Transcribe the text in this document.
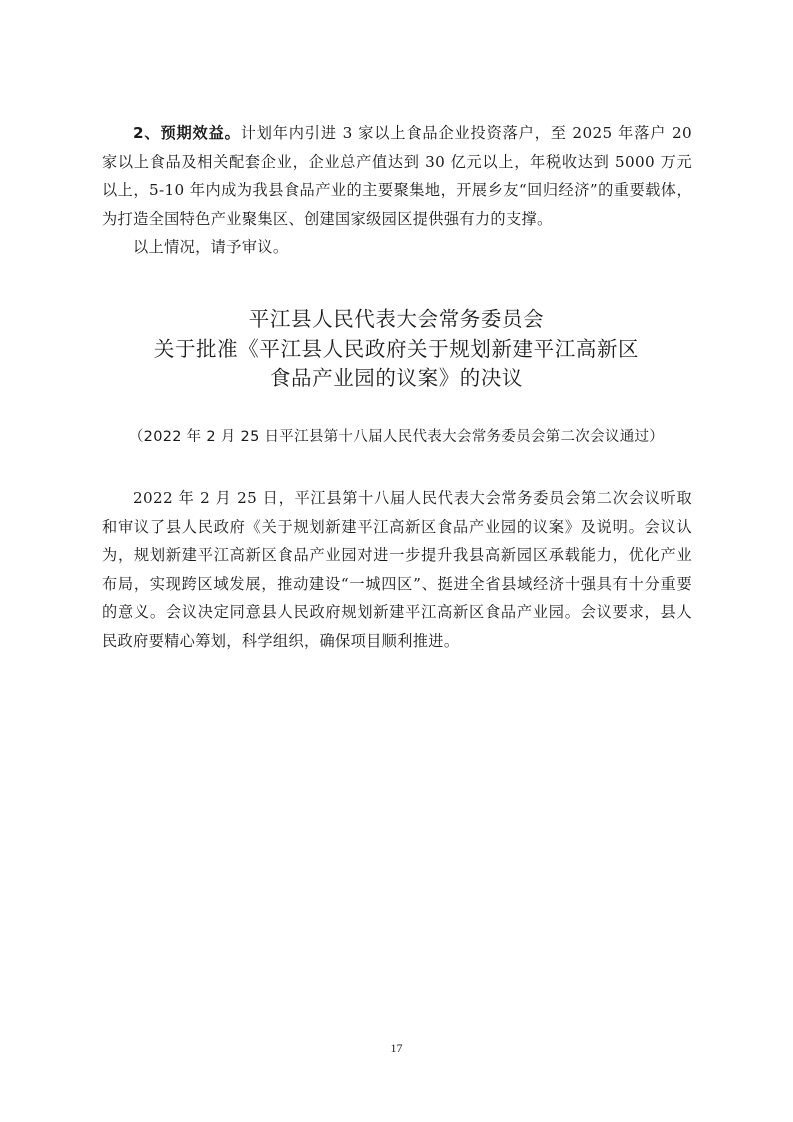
2、预期效益。计划年内引进 3 家以上食品企业投资落户，至 2025 年落户 20 家以上食品及相关配套企业，企业总产值达到 30 亿元以上，年税收达到 5000 万元以上，5-10 年内成为我县食品产业的主要聚集地，开展乡友“回归经济”的重要载体，为打造全国特色产业聚集区、创建国家级园区提供强有力的支撑。

以上情况，请予审议。

平江县人民代表大会常务委员会
关于批准《平江县人民政府关于规划新建平江高新区
食品产业园的议案》的决议
（2022 年 2 月 25 日平江县第十八届人民代表大会常务委员会第二次会议通过）

2022 年 2 月 25 日，平江县第十八届人民代表大会常务委员会第二次会议听取和审议了县人民政府《关于规划新建平江高新区食品产业园的议案》及说明。会议认为，规划新建平江高新区食品产业园对进一步提升我县高新园区承载能力，优化产业布局，实现跨区域发展，推动建设“一城四区”、挺进全省县域经济十强具有十分重要的意义。会议决定同意县人民政府规划新建平江高新区食品产业园。会议要求，县人民政府要精心筹划，科学组织，确保项目顺利推进。

17
